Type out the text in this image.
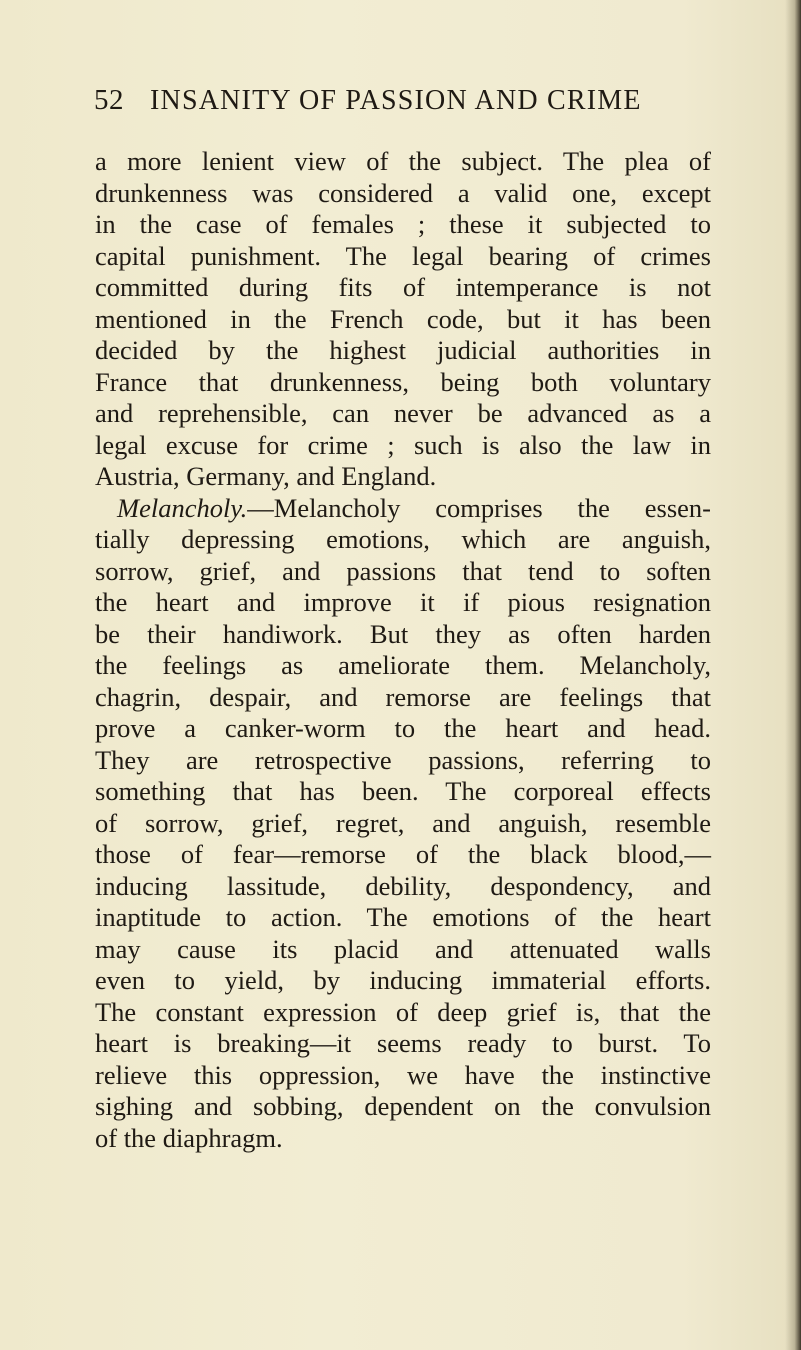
52 INSANITY OF PASSION AND CRIME
a more lenient view of the subject. The plea of
drunkenness was considered a valid one, except
in the case of females ; these it subjected to
capital punishment. The legal bearing of crimes
committed during fits of intemperance is not
mentioned in the French code, but it has been
decided by the highest judicial authorities in
France that drunkenness, being both voluntary
and reprehensible, can never be advanced as a
legal excuse for crime ; such is also the law in
Austria, Germany, and England.
Melancholy.—Melancholy comprises the essen-
tially depressing emotions, which are anguish,
sorrow, grief, and passions that tend to soften
the heart and improve it if pious resignation
be their handiwork. But they as often harden
the feelings as ameliorate them. Melancholy,
chagrin, despair, and remorse are feelings that
prove a canker-worm to the heart and head.
They are retrospective passions, referring to
something that has been. The corporeal effects
of sorrow, grief, regret, and anguish, resemble
those of fear—remorse of the black blood,—
inducing lassitude, debility, despondency, and
inaptitude to action. The emotions of the heart
may cause its placid and attenuated walls
even to yield, by inducing immaterial efforts.
The constant expression of deep grief is, that the
heart is breaking—it seems ready to burst. To
relieve this oppression, we have the instinctive
sighing and sobbing, dependent on the convulsion
of the diaphragm.
